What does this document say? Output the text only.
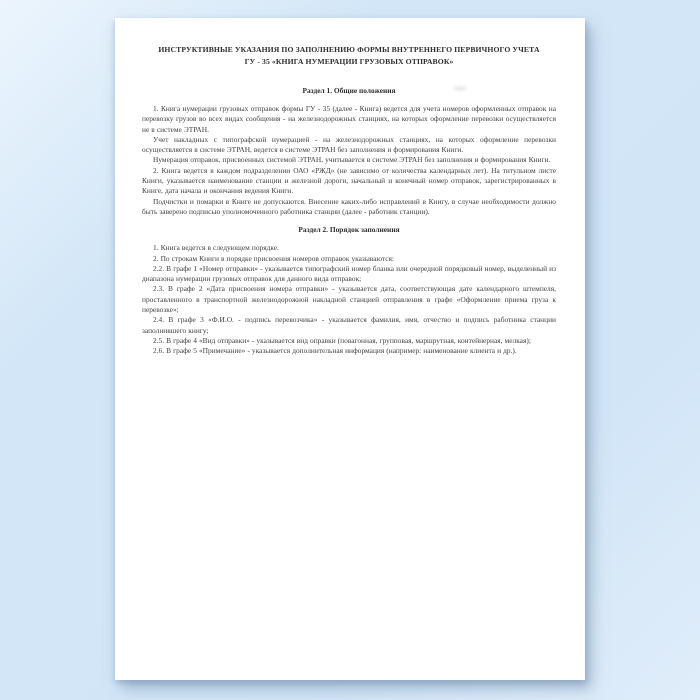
ИНСТРУКТИВНЫЕ УКАЗАНИЯ ПО ЗАПОЛНЕНИЮ ФОРМЫ ВНУТРЕННЕГО ПЕРВИЧНОГО УЧЕТА
ГУ - 35 «КНИГА НУМЕРАЦИИ ГРУЗОВЫХ ОТПРАВОК»
Раздел 1. Общие положения

1. Книга нумерации грузовых отправок формы ГУ - 35 (далее - Книга) ведется для учета номеров оформленных отправок на перевозку грузов во всех видах сообщения - на железнодорожных станциях, на которых оформление перевозки осуществляется не в системе ЭТРАН.

Учет накладных с типографской нумерацией - на железнодорожных станциях, на которых оформление перевозки осуществляется в системе ЭТРАН, ведется в системе ЭТРАН без заполнения и формирования Книги.

Нумерация отправок, присвоенных системой ЭТРАН, учитывается в системе ЭТРАН без заполнения и формирования Книги.

2. Книга ведется в каждом подразделении ОАО «РЖД» (не зависимо от количества календарных лет). На титульном листе Книги, указывается наименование станции и железной дороги, начальный и конечный номер отправок, зарегистрированных в Книге, дата начала и окончания ведения Книги.

Подчистки и помарки в Книге не допускаются. Внесение каких-либо исправлений в Книгу, в случае необходимости должно быть заверено подписью уполномоченного работника станции (далее - работник станции).

Раздел 2. Порядок заполнения

1. Книга ведется в следующем порядке.

2. По строкам Книги в порядке присвоения номеров отправок указываются:

2.2. В графе 1 «Номер отправки» - указывается типографский номер бланка или очередной порядковый номер, выделенный из диапазона нумерации грузовых отправок для данного вида отправок;

2.3. В графе 2 «Дата присвоения номера отправки» - указывается дата, соответствующая дате календарного штемпеля, проставленного в транспортной железнодорожной накладной станцией отправления в графе «Оформление приема груза к перевозке»;

2.4. В графе 3 «Ф.И.О. - подпись перевозчика» - указывается фамилия, имя, отчество и подпись работника станции заполнившего книгу;

2.5. В графе 4 «Вид отправки» - указывается вид оправки (повагонная, групповая, маршрутная, контейнерная, мелкая);

2.6. В графе 5 «Примечание» - указывается дополнительная информация (например: наименование клиента и др.).
